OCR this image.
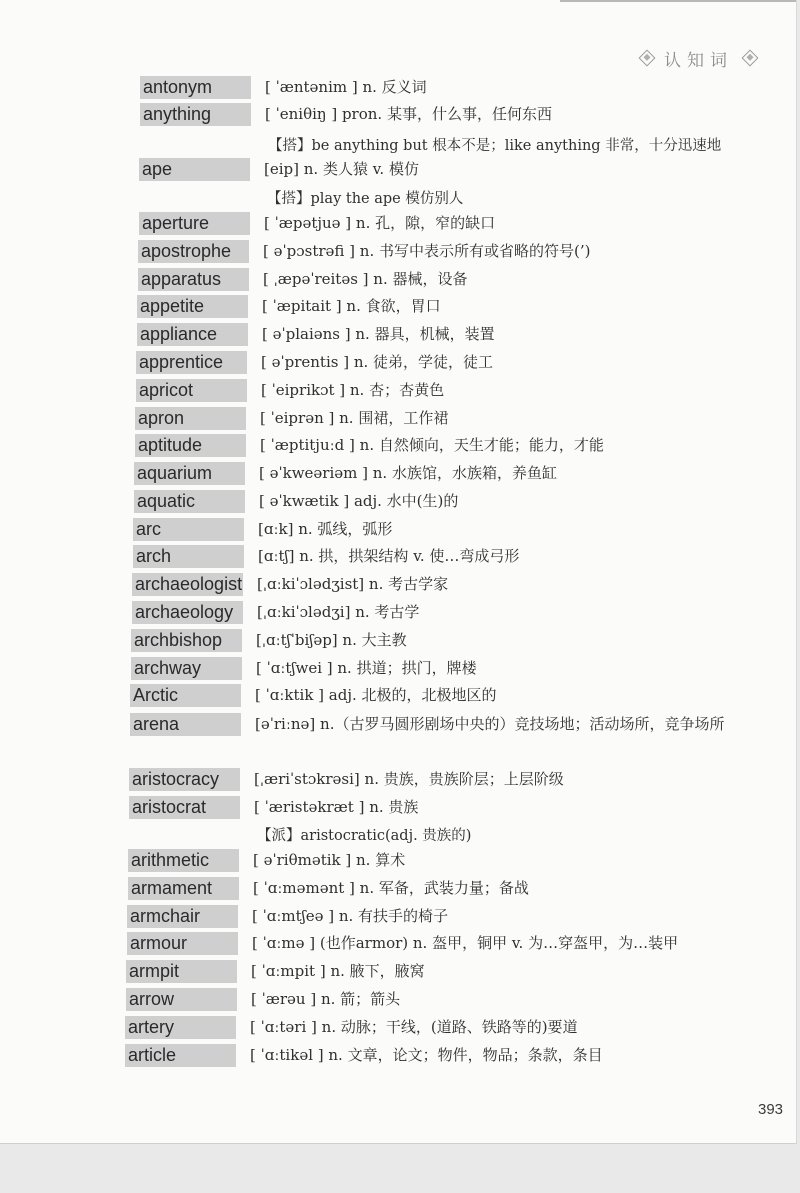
认知词
antonym	[ ˈæntənim ] n. 反义词
anything	[ ˈeniθiŋ ] pron. 某事，什么事，任何东西
【搭】be anything but 根本不是；like anything 非常，十分迅速地
ape	[eip] n. 类人猿 v. 模仿
【搭】play the ape 模仿别人
aperture	[ ˈæpətjuə ] n. 孔，隙，窄的缺口
apostrophe	[ əˈpɔstrəfi ] n. 书写中表示所有或省略的符号(’)
apparatus	[ ˌæpəˈreitəs ] n. 器械，设备
appetite	[ ˈæpitait ] n. 食欲，胃口
appliance	[ əˈplaiəns ] n. 器具，机械，装置
apprentice	[ əˈprentis ] n. 徒弟，学徒，徒工
apricot	[ ˈeiprikɔt ] n. 杏；杏黄色
apron	[ ˈeiprən ] n. 围裙，工作裙
aptitude	[ ˈæptitjuːd ] n. 自然倾向，天生才能；能力，才能
aquarium	[ əˈkweəriəm ] n. 水族馆，水族箱，养鱼缸
aquatic	[ əˈkwætik ] adj. 水中(生)的
arc	[ɑːk] n. 弧线，弧形
arch	[ɑːtʃ] n. 拱，拱架结构 v. 使…弯成弓形
archaeologist [ˌɑːkiˈɔlədʒist] n. 考古学家
archaeology	[ˌɑːkiˈɔlədʒi] n. 考古学
archbishop	[ˌɑːtʃˈbiʃəp] n. 大主教
archway	[ ˈɑːtʃwei ] n. 拱道；拱门，牌楼
Arctic	[ ˈɑːktik ] adj. 北极的，北极地区的
arena	[əˈriːnə] n.（古罗马圆形剧场中央的）竞技场地；活动场所，竞争场所
aristocracy	[ˌæriˈstɔkrəsi] n. 贵族，贵族阶层；上层阶级
aristocrat	[ ˈæristəkræt ] n. 贵族
【派】aristocratic(adj. 贵族的)
arithmetic	[ əˈriθmətik ] n. 算术
armament	[ ˈɑːməmənt ] n. 军备，武装力量；备战
armchair	[ ˈɑːmtʃeə ] n. 有扶手的椅子
armour	[ ˈɑːmə ] (也作armor) n. 盔甲，铜甲 v. 为…穿盔甲，为…装甲
armpit	[ ˈɑːmpit ] n. 腋下，腋窝
arrow	[ ˈærəu ] n. 箭；箭头
artery	[ ˈɑːtəri ] n. 动脉；干线，(道路、铁路等的)要道
article	[ ˈɑːtikəl ] n. 文章，论文；物件，物品；条款，条目
393
